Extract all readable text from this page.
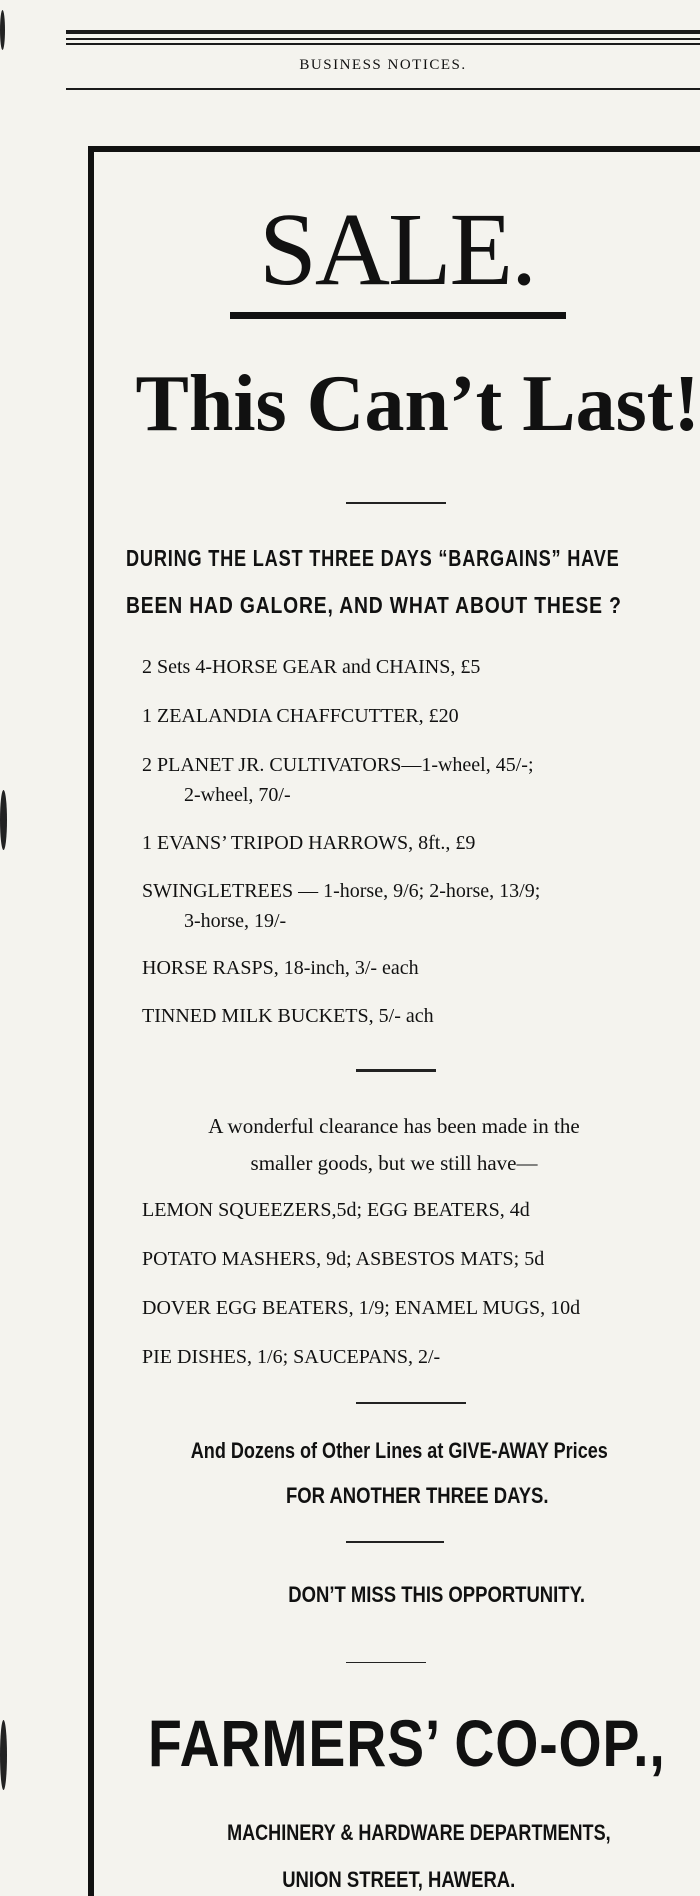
BUSINESS NOTICES.
SALE.
This Can’t Last!
DURING THE LAST THREE DAYS “BARGAINS” HAVE
BEEN HAD GALORE, AND WHAT ABOUT THESE ?
2 Sets 4-HORSE GEAR and CHAINS, £5
1 ZEALANDIA CHAFFCUTTER, £20
2 PLANET JR. CULTIVATORS—1-wheel, 45/-;
2-wheel, 70/-
1 EVANS’ TRIPOD HARROWS, 8ft., £9
SWINGLETREES — 1-horse, 9/6; 2-horse, 13/9;
3-horse, 19/-
HORSE RASPS, 18-inch, 3/- each
TINNED MILK BUCKETS, 5/- ach
A wonderful clearance has been made in the
smaller goods, but we still have—
LEMON SQUEEZERS,5d; EGG BEATERS, 4d
POTATO MASHERS, 9d; ASBESTOS MATS; 5d
DOVER EGG BEATERS, 1/9; ENAMEL MUGS, 10d
PIE DISHES, 1/6; SAUCEPANS, 2/-
And Dozens of Other Lines at GIVE-AWAY Prices
FOR ANOTHER THREE DAYS.
DON’T MISS THIS OPPORTUNITY.
FARMERS’ CO-OP.,
MACHINERY & HARDWARE DEPARTMENTS,
UNION STREET, HAWERA.
